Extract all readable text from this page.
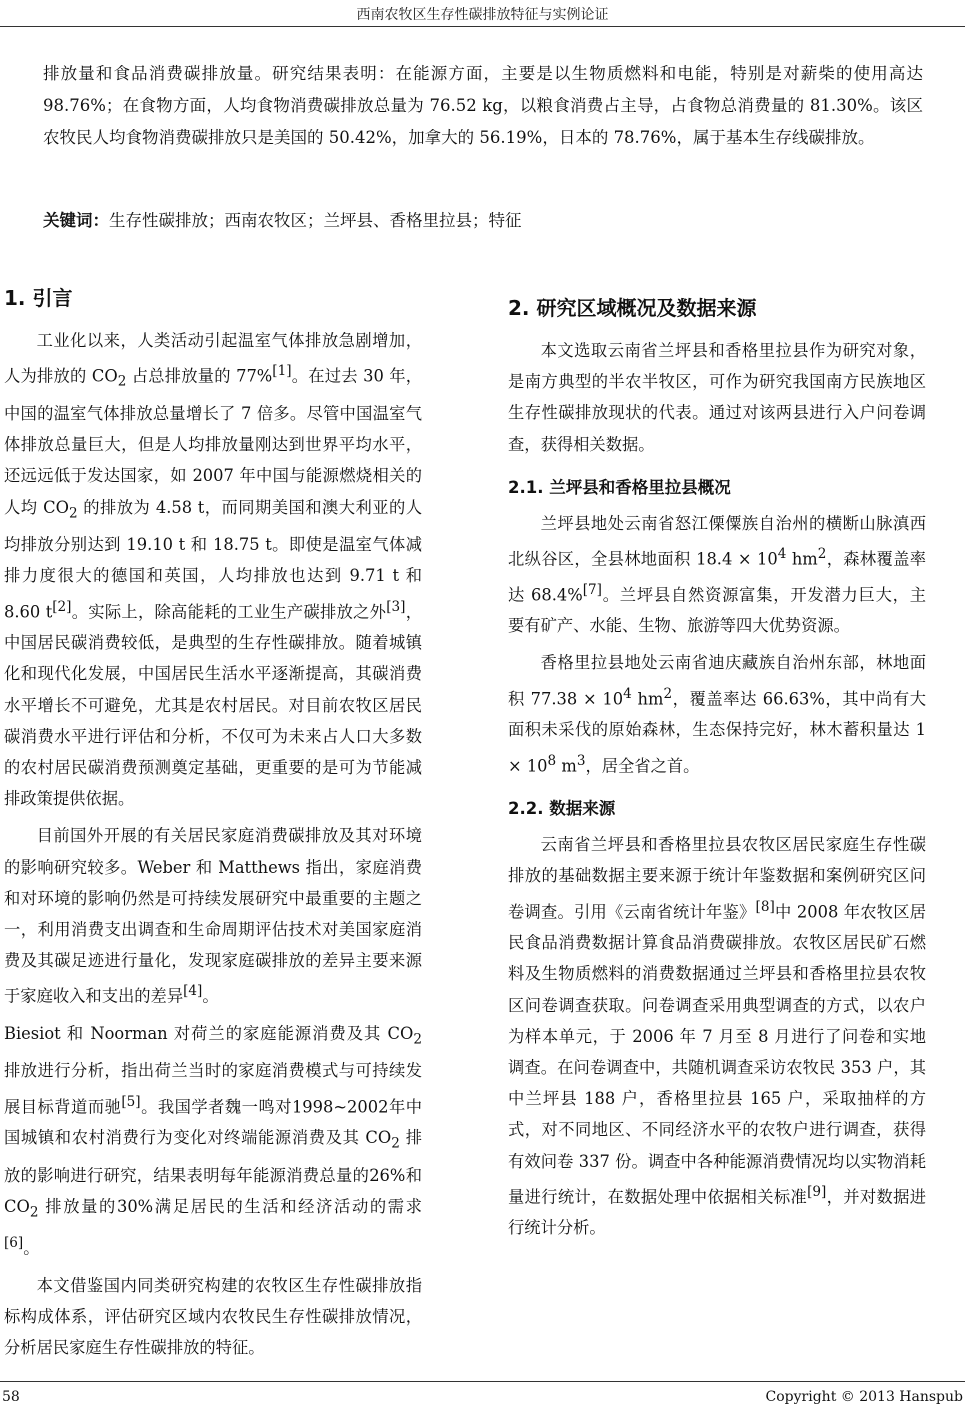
西南农牧区生存性碳排放特征与实例论证
排放量和食品消费碳排放量。研究结果表明：在能源方面，主要是以生物质燃料和电能，特别是对薪柴的使用高达 98.76%；在食物方面，人均食物消费碳排放总量为 76.52 kg，以粮食消费占主导，占食物总消费量的 81.30%。该区农牧民人均食物消费碳排放只是美国的 50.42%，加拿大的 56.19%，日本的 78.76%，属于基本生存线碳排放。
关键词：生存性碳排放；西南农牧区；兰坪县、香格里拉县；特征
1. 引言

工业化以来，人类活动引起温室气体排放急剧增加，人为排放的 $CO_2$ 占总排放量的 77%[1]。在过去 30 年，中国的温室气体排放总量增长了 7 倍多。尽管中国温室气体排放总量巨大，但是人均排放量刚达到世界平均水平，还远远低于发达国家，如 2007 年中国与能源燃烧相关的人均 $CO_2$ 的排放为 4.58 t，而同期美国和澳大利亚的人均排放分别达到 19.10 t 和 18.75 t。即使是温室气体减排力度很大的德国和英国，人均排放也达到 9.71 t 和 8.60 t[2]。实际上，除高能耗的工业生产碳排放之外[3]，中国居民碳消费较低，是典型的生存性碳排放。随着城镇化和现代化发展，中国居民生活水平逐渐提高，其碳消费水平增长不可避免，尤其是农村居民。对目前农牧区居民碳消费水平进行评估和分析，不仅可为未来占人口大多数的农村居民碳消费预测奠定基础，更重要的是可为节能减排政策提供依据。

目前国外开展的有关居民家庭消费碳排放及其对环境的影响研究较多。Weber 和 Matthews 指出，家庭消费和对环境的影响仍然是可持续发展研究中最重要的主题之一，利用消费支出调查和生命周期评估技术对美国家庭消费及其碳足迹进行量化，发现家庭碳排放的差异主要来源于家庭收入和支出的差异[4]。

Biesiot 和 Noorman 对荷兰的家庭能源消费及其 $CO_2$ 排放进行分析，指出荷兰当时的家庭消费模式与可持续发展目标背道而驰[5]。我国学者魏一鸣对1998~2002年中国城镇和农村消费行为变化对终端能源消费及其 $CO_2$ 排放的影响进行研究，结果表明每年能源消费总量的26%和$CO_2$ 排放量的30%满足居民的生活和经济活动的需求[6]。

本文借鉴国内同类研究构建的农牧区生存性碳排放指标构成体系，评估研究区域内农牧民生存性碳排放情况，分析居民家庭生存性碳排放的特征。

2. 研究区域概况及数据来源

本文选取云南省兰坪县和香格里拉县作为研究对象，是南方典型的半农半牧区，可作为研究我国南方民族地区生存性碳排放现状的代表。通过对该两县进行入户问卷调查，获得相关数据。

2.1. 兰坪县和香格里拉县概况

兰坪县地处云南省怒江傈僳族自治州的横断山脉滇西北纵谷区，全县林地面积 $18.4 \times 10^4$ $hm^2$，森林覆盖率达 68.4%[7]。兰坪县自然资源富集，开发潜力巨大，主要有矿产、水能、生物、旅游等四大优势资源。

香格里拉县地处云南省迪庆藏族自治州东部，林地面积 $77.38 \times 10^4$ $hm^2$，覆盖率达 66.63%，其中尚有大面积未采伐的原始森林，生态保持完好，林木蓄积量达 $1 \times 10^8$ $m^3$，居全省之首。

2.2. 数据来源

云南省兰坪县和香格里拉县农牧区居民家庭生存性碳排放的基础数据主要来源于统计年鉴数据和案例研究区问卷调查。引用《云南省统计年鉴》[8]中 2008 年农牧区居民食品消费数据计算食品消费碳排放。农牧区居民矿石燃料及生物质燃料的消费数据通过兰坪县和香格里拉县农牧区问卷调查获取。问卷调查采用典型调查的方式，以农户为样本单元，于 2006 年 7 月至 8 月进行了问卷和实地调查。在问卷调查中，共随机调查采访农牧民 353 户，其中兰坪县 188 户，香格里拉县 165 户，采取抽样的方式，对不同地区、不同经济水平的农牧户进行调查，获得有效问卷 337 份。调查中各种能源消费情况均以实物消耗量进行统计，在数据处理中依据相关标准[9]，并对数据进行统计分析。

58	Copyright © 2013 Hanspub
